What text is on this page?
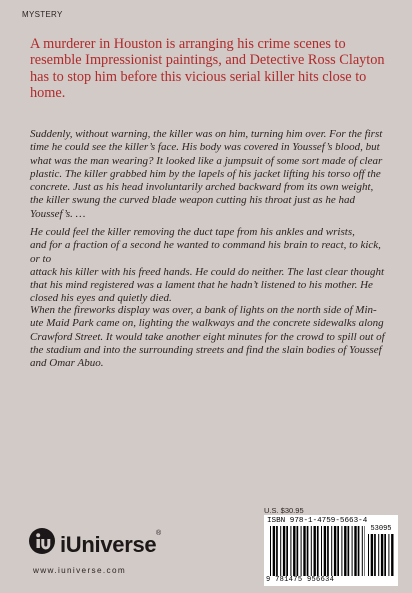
MYSTERY
A murderer in Houston is arranging his crime scenes to resemble Impressionist paintings, and Detective Ross Clayton has to stop him before this vicious serial killer hits close to home.

Suddenly, without warning, the killer was on him, turning him over. For the first

time he could see the killer’s face. His body was covered in Youssef’s blood, but

what was the man wearing? It looked like a jumpsuit of some sort made of clear

plastic. The killer grabbed him by the lapels of his jacket lifting his torso off the

concrete. Just as his head involuntarily arched backward from its own weight,

the killer swung the curved blade weapon cutting his throat just as he had

Youssef’s. …

He could feel the killer removing the duct tape from his ankles and wrists,

and for a fraction of a second he wanted to command his brain to react, to kick, or to

attack his killer with his freed hands. He could do neither. The last clear thought

that his mind registered was a lament that he hadn’t listened to his mother. He

closed his eyes and quietly died.

When the fireworks display was over, a bank of lights on the north side of Min-

ute Maid Park came on, lighting the walkways and the concrete sidewalks along

Crawford Street. It would take another eight minutes for the crowd to spill out of

the stadium and into the surrounding streets and find the slain bodies of Youssef

and Omar Abuo.

iUniverse ®
www.iuniverse.com
U.S. $30.95
ISBN 978-1-4759-5663-4
53095
9 781475 956634
